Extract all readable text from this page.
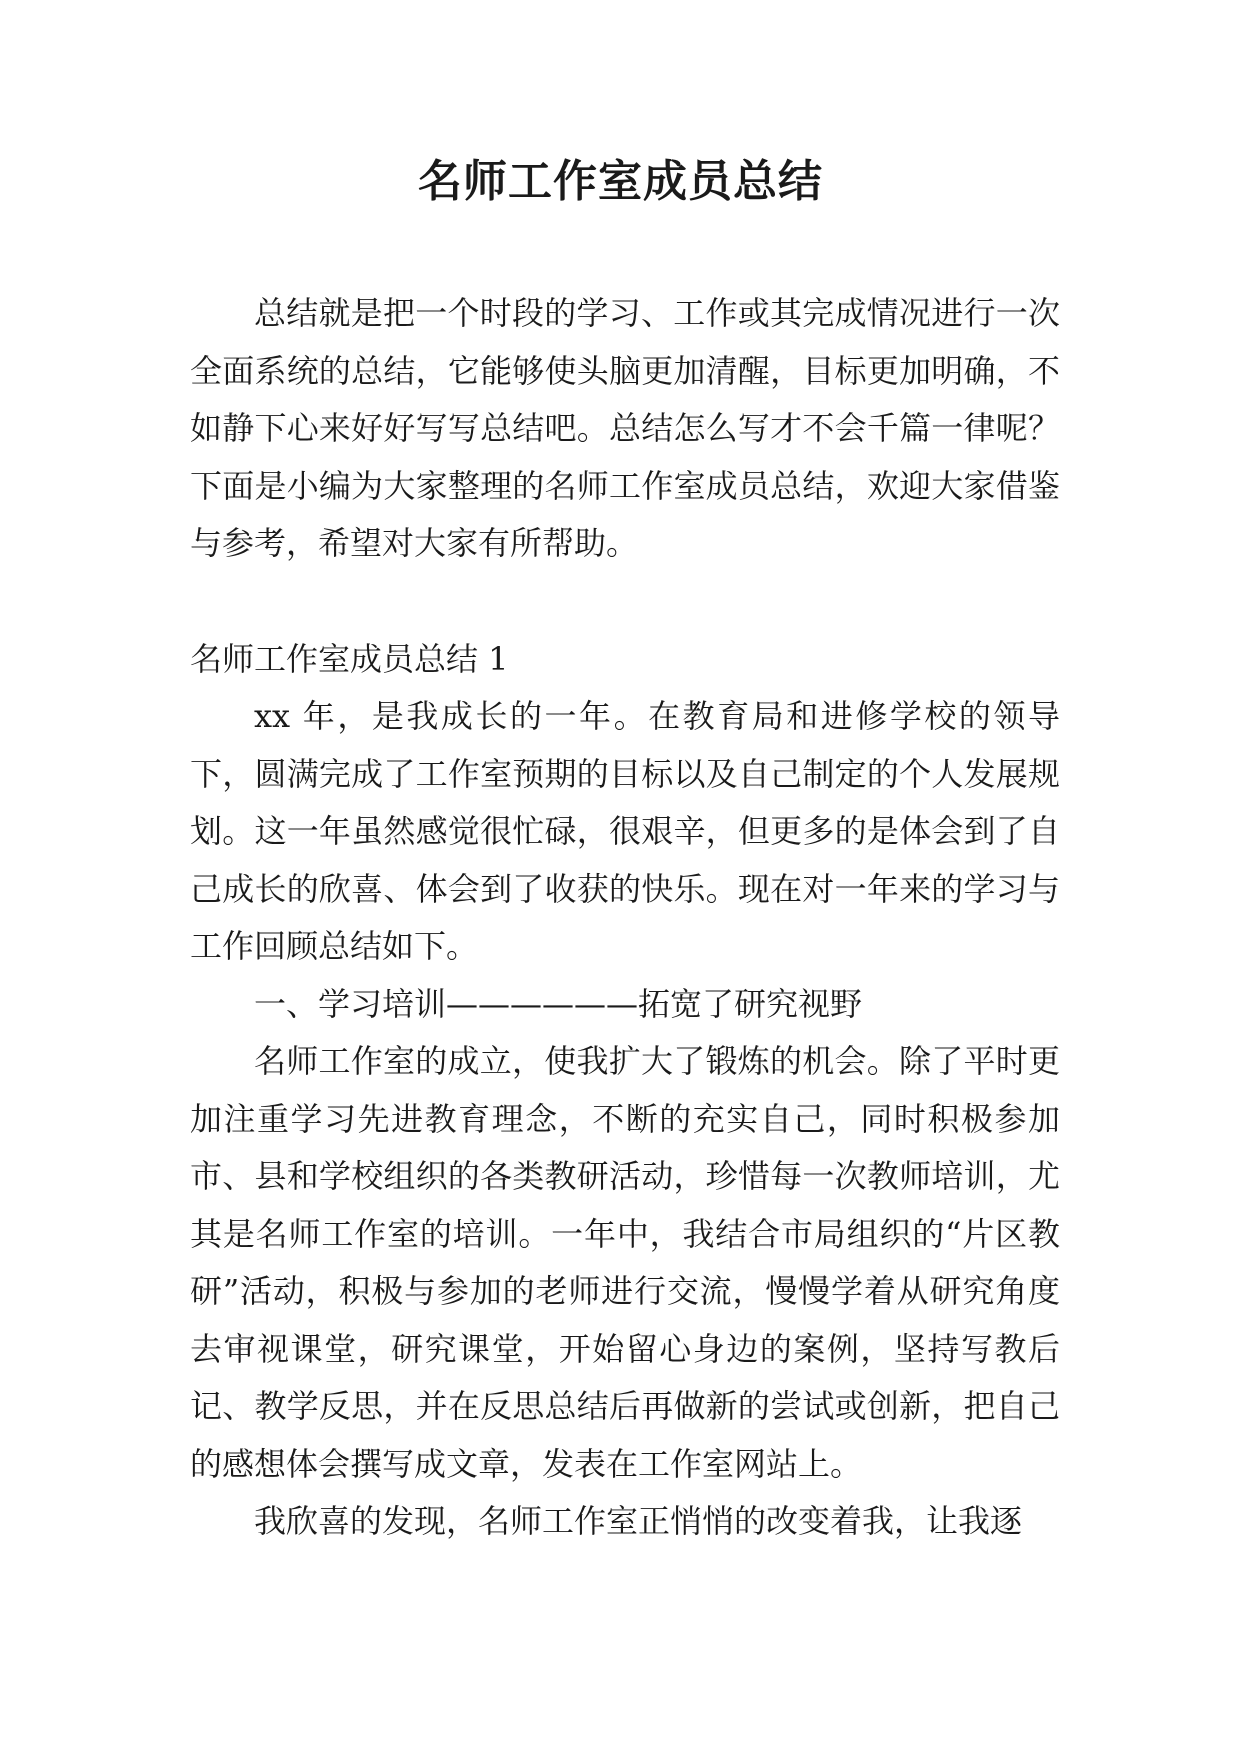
名师工作室成员总结

总结就是把一个时段的学习、工作或其完成情况进行一次全面系统的总结，它能够使头脑更加清醒，目标更加明确，不如静下心来好好写写总结吧。总结怎么写才不会千篇一律呢？下面是小编为大家整理的名师工作室成员总结，欢迎大家借鉴与参考，希望对大家有所帮助。

名师工作室成员总结 1

xx 年，是我成长的一年。在教育局和进修学校的领导下，圆满完成了工作室预期的目标以及自己制定的个人发展规划。这一年虽然感觉很忙碌，很艰辛，但更多的是体会到了自己成长的欣喜、体会到了收获的快乐。现在对一年来的学习与工作回顾总结如下。

一、学习培训——————拓宽了研究视野

名师工作室的成立，使我扩大了锻炼的机会。除了平时更加注重学习先进教育理念，不断的充实自己，同时积极参加市、县和学校组织的各类教研活动，珍惜每一次教师培训，尤其是名师工作室的培训。一年中，我结合市局组织的“片区教研”活动，积极与参加的老师进行交流，慢慢学着从研究角度去审视课堂，研究课堂，开始留心身边的案例，坚持写教后记、教学反思，并在反思总结后再做新的尝试或创新，把自己的感想体会撰写成文章，发表在工作室网站上。

我欣喜的发现，名师工作室正悄悄的改变着我，让我逐
